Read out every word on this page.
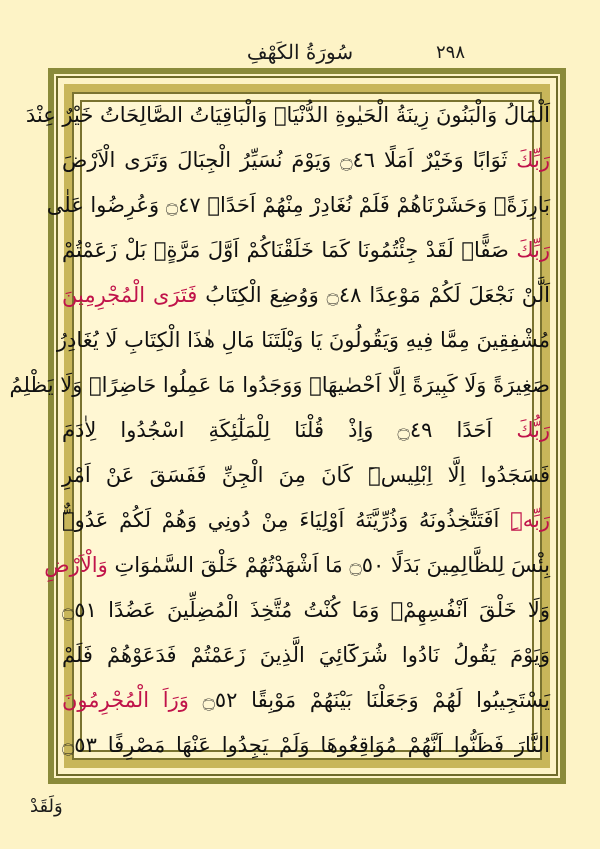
٢٩٨
سُورَةُ الكَهْفِ
اَلْمَالُ وَالْبَنُونَ زِينَةُ الْحَيٰوةِ الدُّنْيَاۚ وَالْبَاقِيَاتُ الصَّالِحَاتُ خَيْرٌ عِنْدَ
رَبِّكَ ثَوَابًا وَخَيْرٌ اَمَلًا ۝٤٦ وَيَوْمَ نُسَيِّرُ الْجِبَالَ وَتَرَى الْاَرْضَ
بَارِزَةًۙ وَحَشَرْنَاهُمْ فَلَمْ نُغَادِرْ مِنْهُمْ اَحَدًاۚ ۝٤٧ وَعُرِضُوا عَلٰى
رَبِّكَ صَفًّاۜ لَقَدْ جِئْتُمُونَا كَمَا خَلَقْنَاكُمْ اَوَّلَ مَرَّةٍۘ بَلْ زَعَمْتُمْ
اَلَّنْ نَجْعَلَ لَكُمْ مَوْعِدًا ۝٤٨ وَوُضِعَ الْكِتَابُ فَتَرَى الْمُجْرِمِينَ
مُشْفِقِينَ مِمَّا فِيهِ وَيَقُولُونَ يَا وَيْلَتَنَا مَالِ هٰذَا الْكِتَابِ لَا يُغَادِرُ
صَغِيرَةً وَلَا كَبِيرَةً اِلَّا اَحْصٰيهَاۚ وَوَجَدُوا مَا عَمِلُوا حَاضِرًاۜ وَلَا يَظْلِمُ
رَبُّكَ اَحَدًا ۝٤٩ وَاِذْ قُلْنَا لِلْمَلٰٓئِكَةِ اسْجُدُوا لِاٰدَمَ
فَسَجَدُوا اِلَّا اِبْلِيسَۜ كَانَ مِنَ الْجِنِّ فَفَسَقَ عَنْ اَمْرِ
رَبِّهِۜ اَفَتَتَّخِذُونَهُ وَذُرِّيَّتَهُ اَوْلِيَاءَ مِنْ دُونِي وَهُمْ لَكُمْ عَدُوٌّۜ
بِئْسَ لِلظَّالِمِينَ بَدَلًا ۝٥٠ مَا اَشْهَدْتُهُمْ خَلْقَ السَّمٰوَاتِ وَالْاَرْضِ
وَلَا خَلْقَ اَنْفُسِهِمْۖ وَمَا كُنْتُ مُتَّخِذَ الْمُضِلِّينَ عَضُدًا ۝٥١
وَيَوْمَ يَقُولُ نَادُوا شُرَكَٓائِيَ الَّذِينَ زَعَمْتُمْ فَدَعَوْهُمْ فَلَمْ
يَسْتَجِيبُوا لَهُمْ وَجَعَلْنَا بَيْنَهُمْ مَوْبِقًا ۝٥٢ وَرَاَ الْمُجْرِمُونَ
النَّارَ فَظَنُّوا اَنَّهُمْ مُوَاقِعُوهَا وَلَمْ يَجِدُوا عَنْهَا مَصْرِفًا ۝٥٣
وَلَقَدْ
